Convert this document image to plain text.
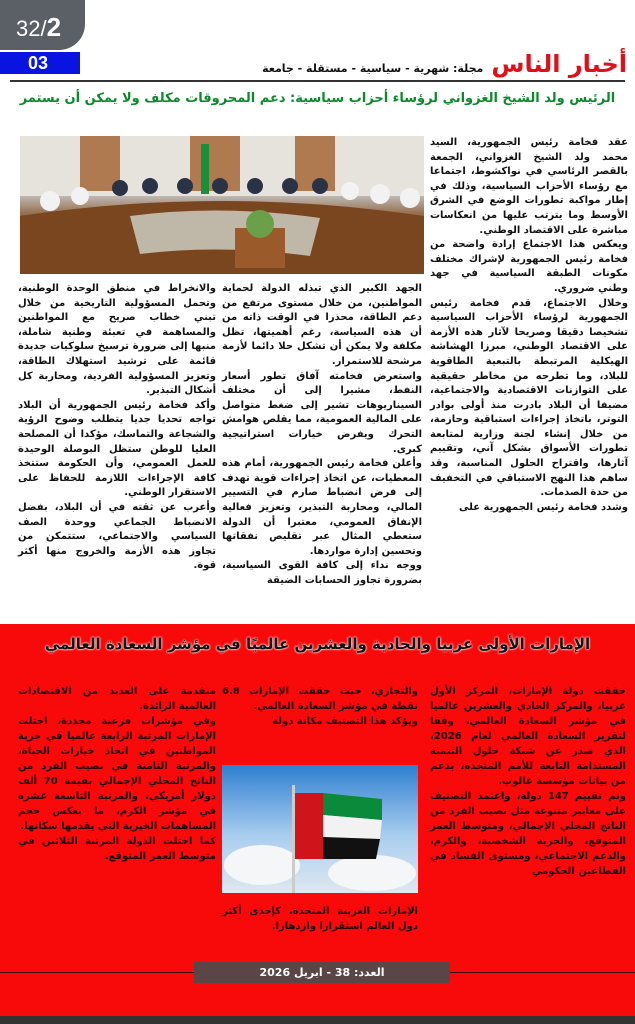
32/2
03	أخبار الناس
مجلة: شهرية - سياسية - مستقلة - جامعة
الرئيس ولد الشيخ الغزواني لرؤساء أحزاب سياسية: دعم المحروقات مكلف ولا يمكن أن يستمر

عقد فخامة رئيس الجمهورية، السيد محمد ولد الشيخ الغزواني، الجمعة بالقصر الرئاسي في نواكشوط، اجتماعا مع رؤساء الأحزاب السياسية، وذلك في إطار مواكبة تطورات الوضع في الشرق الأوسط وما يترتب عليها من انعكاسات مباشرة على الاقتصاد الوطني.

ويعكس هذا الاجتماع إرادة واضحة من فخامة رئيس الجمهورية لإشراك مختلف مكونات الطبقة السياسية في جهد وطني ضروري.

وخلال الاجتماع، قدم فخامة رئيس الجمهورية لرؤساء الأحزاب السياسية تشخيصا دقيقا وصريحا لآثار هذه الأزمة على الاقتصاد الوطني، مبرزا الهشاشة الهيكلية المرتبطة بالتبعية الطاقوية للبلاد، وما تطرحه من مخاطر حقيقية على التوازنات الاقتصادية والاجتماعية، مضيفا أن البلاد بادرت منذ أولى بوادر التوتر، باتخاذ إجراءات استباقية وحازمة، من خلال إنشاء لجنة وزارية لمتابعة تطورات الأسواق بشكل آني، وتقييم آثارها، واقتراح الحلول المناسبة، وقد ساهم هذا النهج الاستباقي في التخفيف من حدة الصدمات.

وشدد فخامة رئيس الجمهورية على

الجهد الكبير الذي تبذله الدولة لحماية المواطنين، من خلال مستوى مرتفع من دعم الطاقة، محذرا في الوقت ذاته من أن هذه السياسة، رغم أهميتها، تظل مكلفة ولا يمكن أن تشكل حلا دائما لأزمة مرشحة للاستمرار.

واستعرض فخامته آفاق تطور أسعار النفط، مشيرا إلى أن مختلف السيناريوهات تشير إلى ضغط متواصل على المالية العمومية، مما يقلص هوامش التحرك ويفرض خيارات استراتيجية كبرى.

وأعلن فخامة رئيس الجمهورية، أمام هذه المعطيات، عن اتخاذ إجراءات قوية تهدف إلى فرض انضباط صارم في التسيير المالي، ومحاربة التبذير، وتعزيز فعالية الإنفاق العمومي، معتبرا أن الدولة ستعطي المثال عبر تقليص نفقاتها وتحسين إدارة مواردها.

ووجه نداء إلى كافة القوى السياسية، بضرورة تجاوز الحسابات الضيقة

والانخراط في منطق الوحدة الوطنية، وتحمل المسؤولية التاريخية من خلال تبني خطاب صريح مع المواطنين والمساهمة في تعبئة وطنية شاملة، منبها إلى ضرورة ترسيخ سلوكيات جديدة قائمة على ترشيد استهلاك الطاقة، وتعزيز المسؤولية الفردية، ومحاربة كل أشكال التبذير.

وأكد فخامة رئيس الجمهورية أن البلاد تواجه تحديا جديا يتطلب وضوح الرؤية والشجاعة والتماسك، مؤكدا أن المصلحة العليا للوطن ستظل البوصلة الوحيدة للعمل العمومي، وأن الحكومة ستتخذ كافة الإجراءات اللازمة للحفاظ على الاستقرار الوطني.

وأعرب عن ثقته في أن البلاد، بفضل الانضباط الجماعي ووحدة الصف السياسي والاجتماعي، ستتمكن من تجاوز هذه الأزمة والخروج منها أكثر قوة.

الإمارات الأولى عربيا والحادية والعشرين عالميًا في مؤشر السعادة العالمي

حققت دولة الإمارات، المركز الأول عربيا، والمركز الحادي والعشرين عالميا في مؤشر السعادة العالمي، وفقا لتقرير السعادة العالمي لعام 2026، الذي صدر عن شبكة حلول التنمية المستدامة التابعة للأمم المتحدة، بدعم من بيانات مؤسسة غالوب.

وتم تقييم 147 دولة، واعتمد التصنيف على معايير متنوعة مثل نصيب الفرد من الناتج المحلي الإجمالي، ومتوسط العمر المتوقع، والحرية الشخصية، والكرم، والدعم الاجتماعي، ومستوى الفساد في القطاعين الحكومي

والتجاري، حيث حققت الإمارات 6.8 نقطة في مؤشر السعادة العالمي.

ويؤكد هذا التصنيف مكانة دولة

الإمارات العربية المتحدة، كإحدى أكثر دول العالم استقرارا وازدهارا.

متقدمة على العديد من الاقتصادات العالمية الرائدة.

وفي مؤشرات فرعية محددة، احتلت الإمارات المرتبة الرابعة عالميا في حرية المواطنين في اتخاذ خيارات الحياة، والمرتبة الثامنة في نصيب الفرد من الناتج المحلي الإجمالي بقيمة 70 ألف دولار أمريكي، والمرتبة التاسعة عشرة في مؤشر الكرم، ما يعكس حجم المساهمات الخيرية التي يقدمها سكانها.

كما احتلت الدولة المرتبة الثلاثين في متوسط العمر المتوقع.

العدد: 38 - ابريل 2026
